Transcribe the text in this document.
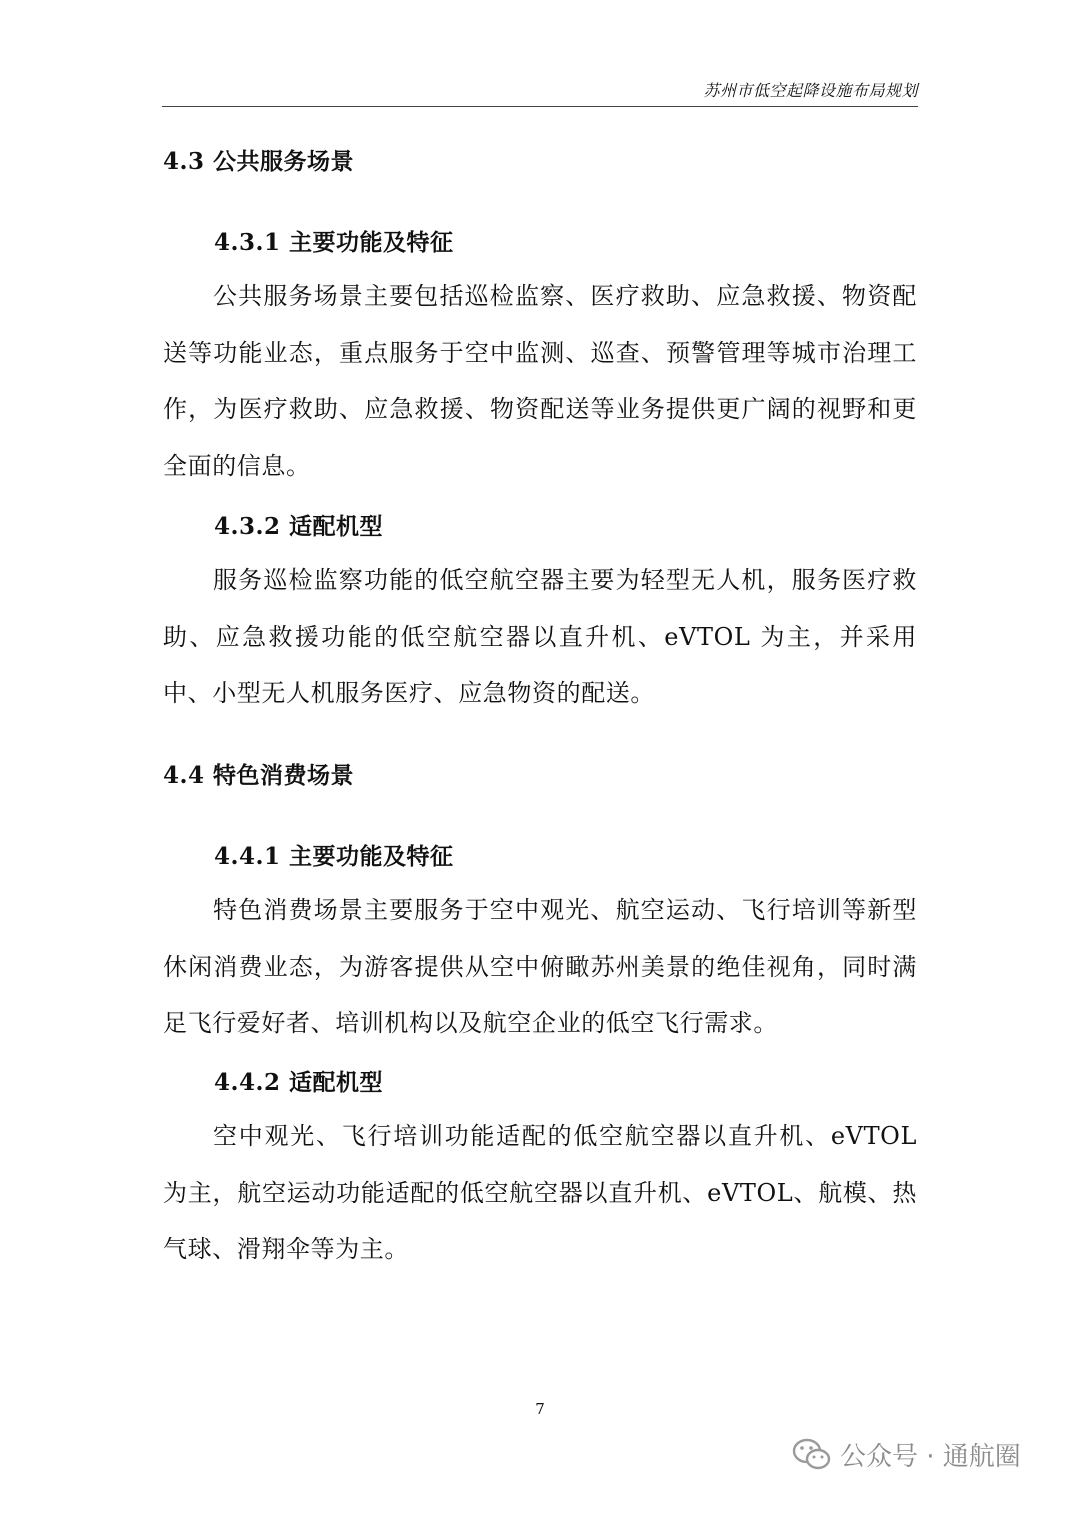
苏州市低空起降设施布局规划
4.3 公共服务场景
4.3.1 主要功能及特征

公共服务场景主要包括巡检监察、医疗救助、应急救援、物资配送等功能业态，重点服务于空中监测、巡查、预警管理等城市治理工作，为医疗救助、应急救援、物资配送等业务提供更广阔的视野和更全面的信息。

4.3.2 适配机型

服务巡检监察功能的低空航空器主要为轻型无人机，服务医疗救助、应急救援功能的低空航空器以直升机、eVTOL 为主，并采用中、小型无人机服务医疗、应急物资的配送。

4.4 特色消费场景
4.4.1 主要功能及特征

特色消费场景主要服务于空中观光、航空运动、飞行培训等新型休闲消费业态，为游客提供从空中俯瞰苏州美景的绝佳视角，同时满足飞行爱好者、培训机构以及航空企业的低空飞行需求。

4.4.2 适配机型

空中观光、飞行培训功能适配的低空航空器以直升机、eVTOL 为主，航空运动功能适配的低空航空器以直升机、eVTOL、航模、热气球、滑翔伞等为主。

7
公众号 · 通航圈
